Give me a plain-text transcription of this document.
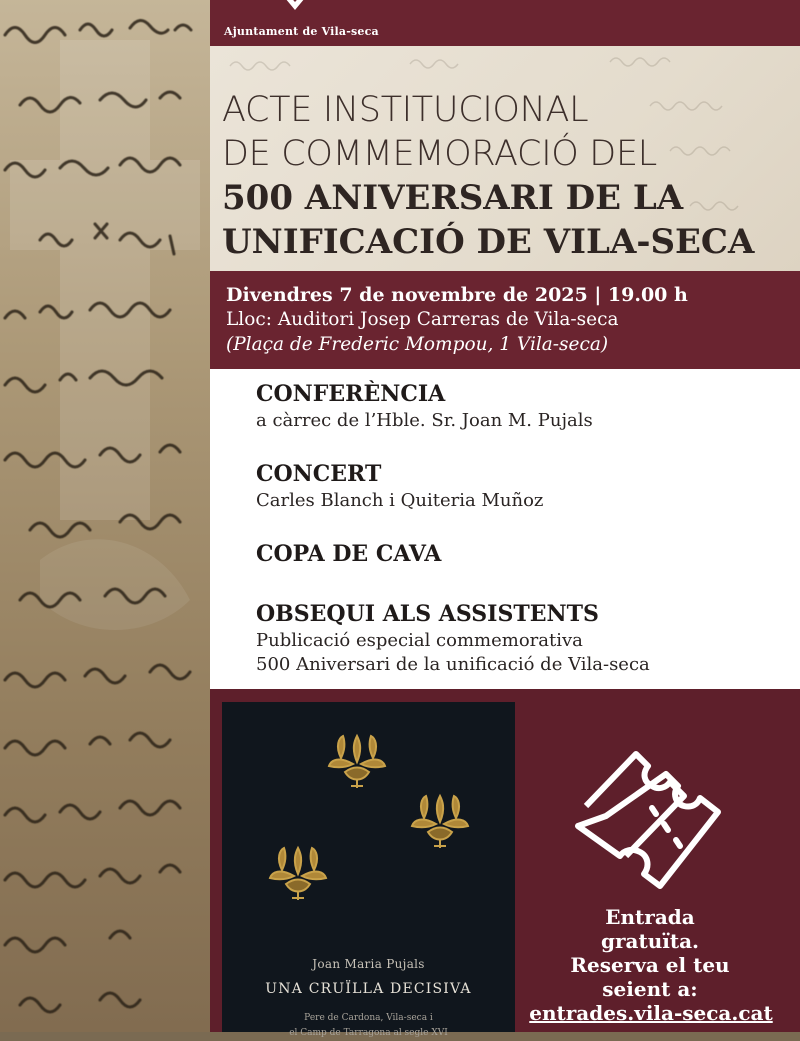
Ajuntament de Vila-seca
ACTE INSTITUCIONAL
DE COMMEMORACIÓ DEL
500 ANIVERSARI DE LA
UNIFICACIÓ DE VILA-SECA
Divendres 7 de novembre de 2025 | 19.00 h
Lloc: Auditori Josep Carreras de Vila-seca
(Plaça de Frederic Mompou, 1 Vila-seca)
CONFERÈNCIA
a càrrec de l’Hble. Sr. Joan M. Pujals
CONCERT
Carles Blanch i Quiteria Muñoz
COPA DE CAVA
OBSEQUI ALS ASSISTENTS
Publicació especial commemorativa
500 Aniversari de la unificació de Vila-seca
Joan Maria Pujals
UNA CRUÏLLA DECISIVA
Pere de Cardona, Vila-seca i
el Camp de Tarragona al segle XVI
Entrada
gratuïta.
Reserva el teu
seient a:
entrades.vila-seca.cat
